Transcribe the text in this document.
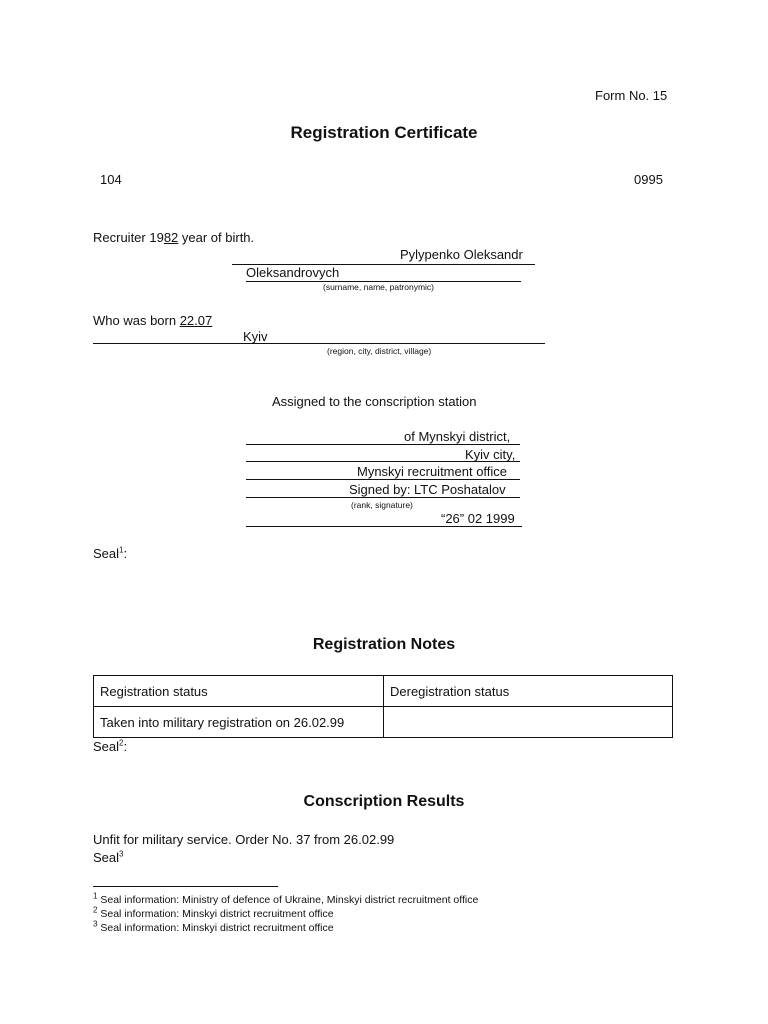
Form No. 15
Registration Certificate
104	0995
Recruiter 1982 year of birth.
Pylypenko Oleksandr
Oleksandrovych
(surname, name, patronymic)
Who was born 22.07
Kyiv
(region, city, district, village)
Assigned to the conscription station
of Mynskyi district,
Kyiv city,
Mynskyi recruitment office
Signed by: LTC Poshatalov
(rank, signature)
“26” 02 1999
Seal$^1$:
Registration Notes
Registration status	Deregistration status
Taken into military registration on 26.02.99	
Seal$^2$:
Conscription Results
Unfit for military service. Order No. 37 from 26.02.99
Seal$^3$
$^1$ Seal information: Ministry of defence of Ukraine, Minskyi district recruitment office
$^2$ Seal information: Minskyi district recruitment office
$^3$ Seal information: Minskyi district recruitment office
